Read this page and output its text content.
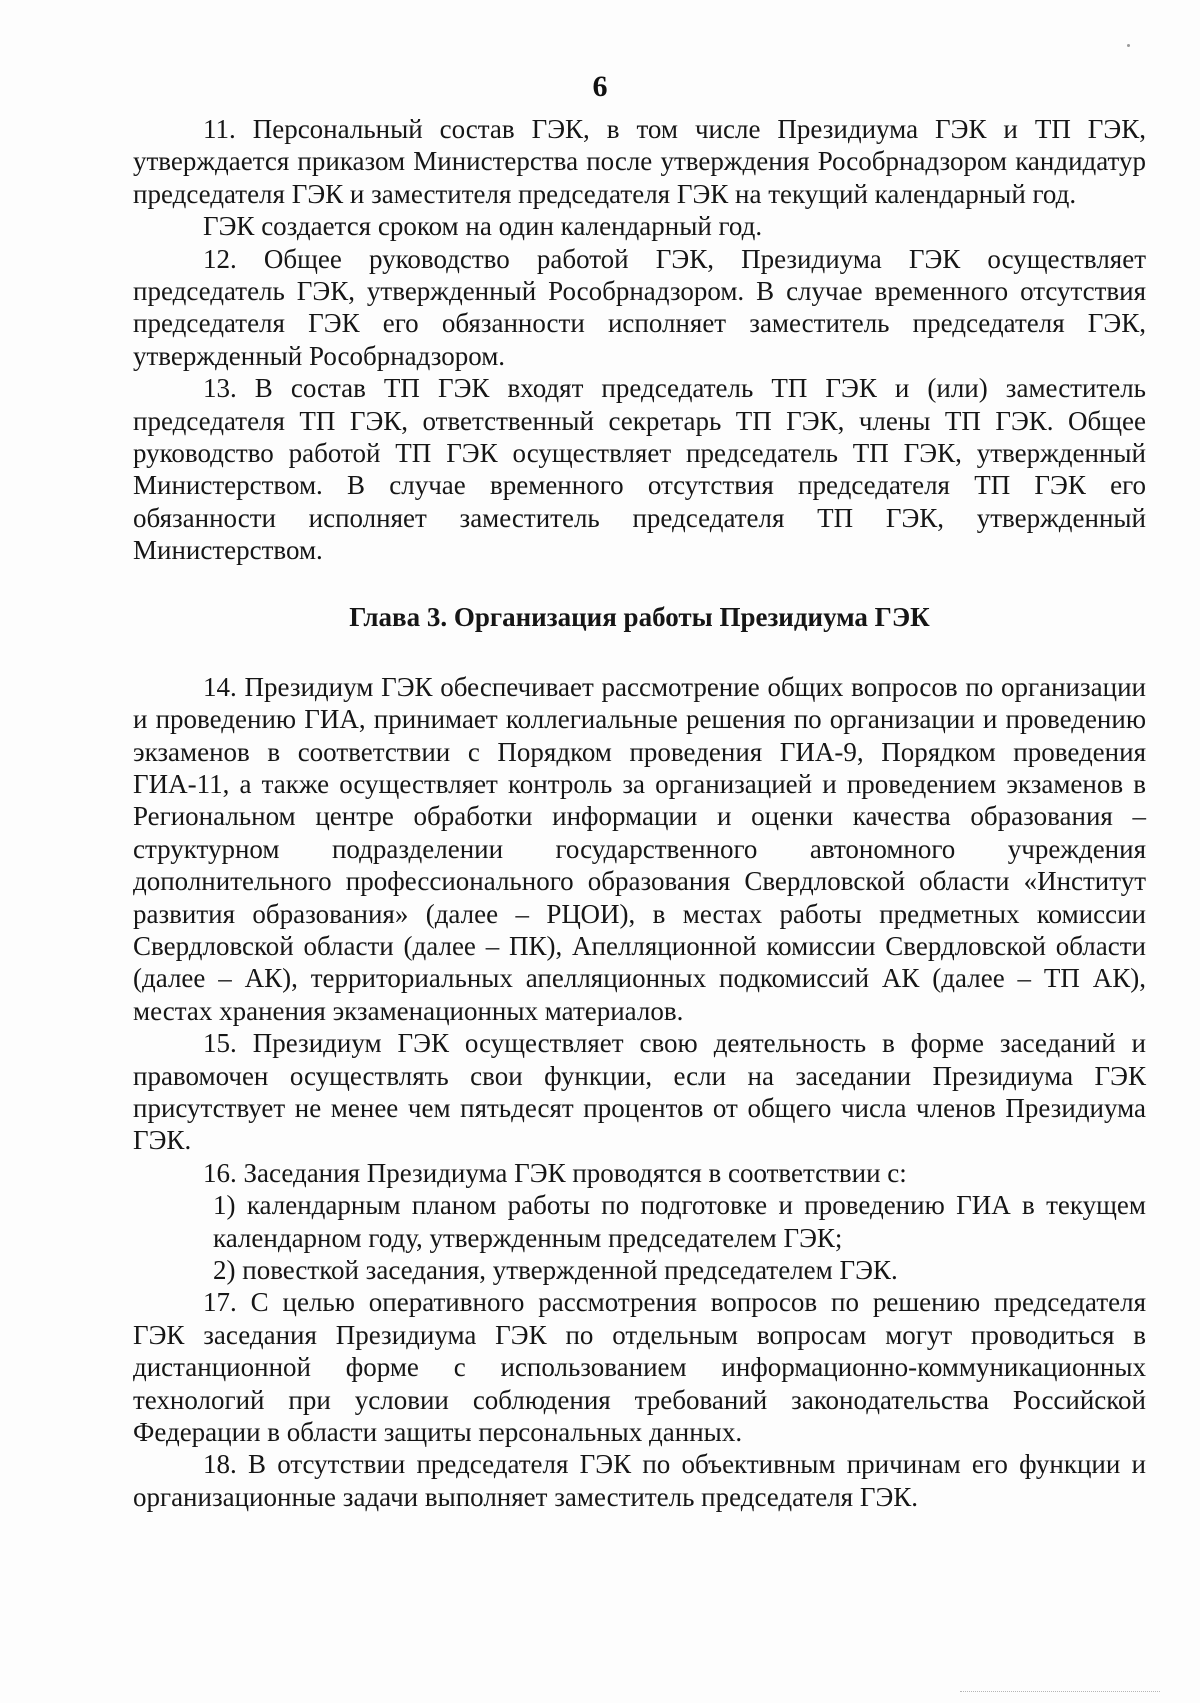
6

11. Персональный состав ГЭК, в том числе Президиума ГЭК и ТП ГЭК, утверждается приказом Министерства после утверждения Рособрнадзором кандидатур председателя ГЭК и заместителя председателя ГЭК на текущий календарный год.

ГЭК создается сроком на один календарный год.

12. Общее руководство работой ГЭК, Президиума ГЭК осуществляет председатель ГЭК, утвержденный Рособрнадзором. В случае временного отсутствия председателя ГЭК его обязанности исполняет заместитель председателя ГЭК, утвержденный Рособрнадзором.

13. В состав ТП ГЭК входят председатель ТП ГЭК и (или) заместитель председателя ТП ГЭК, ответственный секретарь ТП ГЭК, члены ТП ГЭК. Общее руководство работой ТП ГЭК осуществляет председатель ТП ГЭК, утвержденный Министерством. В случае временного отсутствия председателя ТП ГЭК его обязанности исполняет заместитель председателя ТП ГЭК, утвержденный Министерством.

Глава 3. Организация работы Президиума ГЭК

14. Президиум ГЭК обеспечивает рассмотрение общих вопросов по организации и проведению ГИА, принимает коллегиальные решения по организации и проведению экзаменов в соответствии с Порядком проведения ГИА-9, Порядком проведения ГИА-11, а также осуществляет контроль за организацией и проведением экзаменов в Региональном центре обработки информации и оценки качества образования – структурном подразделении государственного автономного учреждения дополнительного профессионального образования Свердловской области «Институт развития образования» (далее – РЦОИ), в местах работы предметных комиссии Свердловской области (далее – ПК), Апелляционной комиссии Свердловской области (далее – АК), территориальных апелляционных подкомиссий АК (далее – ТП АК), местах хранения экзаменационных материалов.

15. Президиум ГЭК осуществляет свою деятельность в форме заседаний и правомочен осуществлять свои функции, если на заседании Президиума ГЭК присутствует не менее чем пятьдесят процентов от общего числа членов Президиума ГЭК.

16. Заседания Президиума ГЭК проводятся в соответствии с:

1) календарным планом работы по подготовке и проведению ГИА в текущем календарном году, утвержденным председателем ГЭК;

2) повесткой заседания, утвержденной председателем ГЭК.

17. С целью оперативного рассмотрения вопросов по решению председателя ГЭК заседания Президиума ГЭК по отдельным вопросам могут проводиться в дистанционной форме с использованием информационно-коммуникационных технологий при условии соблюдения требований законодательства Российской Федерации в области защиты персональных данных.

18. В отсутствии председателя ГЭК по объективным причинам его функции и организационные задачи выполняет заместитель председателя ГЭК.
